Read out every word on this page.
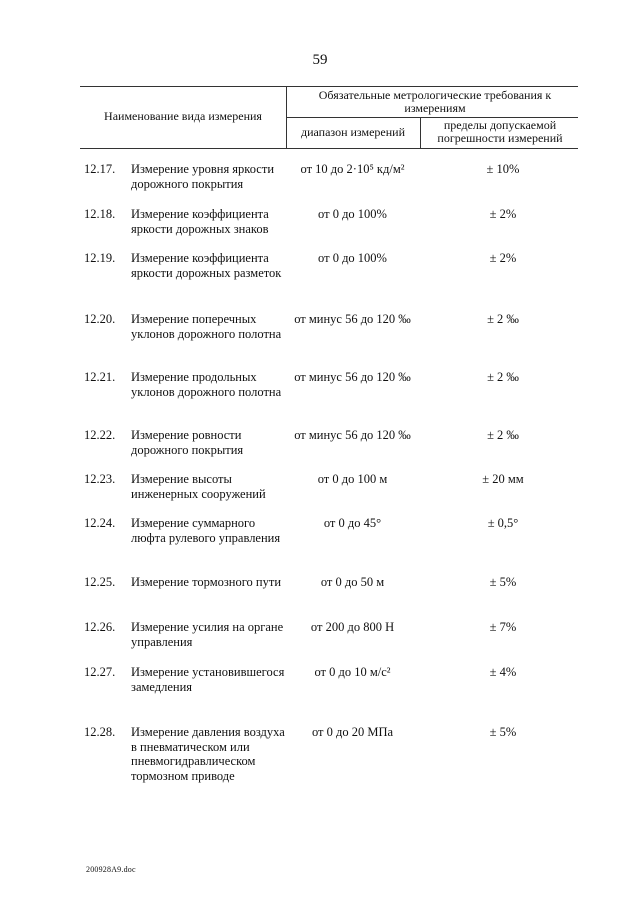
59
Наименование вида измерения
Обязательные метрологические требования к измерениям
диапазон измерений	пределы допускаемой погрешности измерений
12.17. Измерение уровня яркости дорожного покрытия
от 10 до 2·10⁵ кд/м²	± 10%
12.18. Измерение коэффициента яркости дорожных знаков
от 0 до 100%	± 2%
12.19. Измерение коэффициента яркости дорожных разметок
от 0 до 100%	± 2%
12.20. Измерение поперечных уклонов дорожного полотна
от минус 56 до 120 ‰	± 2 ‰
12.21. Измерение продольных уклонов дорожного полотна
от минус 56 до 120 ‰	± 2 ‰
12.22. Измерение ровности дорожного покрытия
от минус 56 до 120 ‰	± 2 ‰
12.23. Измерение высоты инженерных сооружений
от 0 до 100 м	± 20 мм
12.24. Измерение суммарного люфта рулевого управления
от 0 до 45°	± 0,5°
12.25. Измерение тормозного пути	от 0 до 50 м	± 5%
12.26. Измерение усилия на органе управления
от 200 до 800 Н	± 7%
12.27. Измерение установившегося замедления
от 0 до 10 м/с²	± 4%
12.28. Измерение давления воздуха в пневматическом или пневмогидравлическом тормозном приводе
от 0 до 20 МПа	± 5%
200928A9.doc
